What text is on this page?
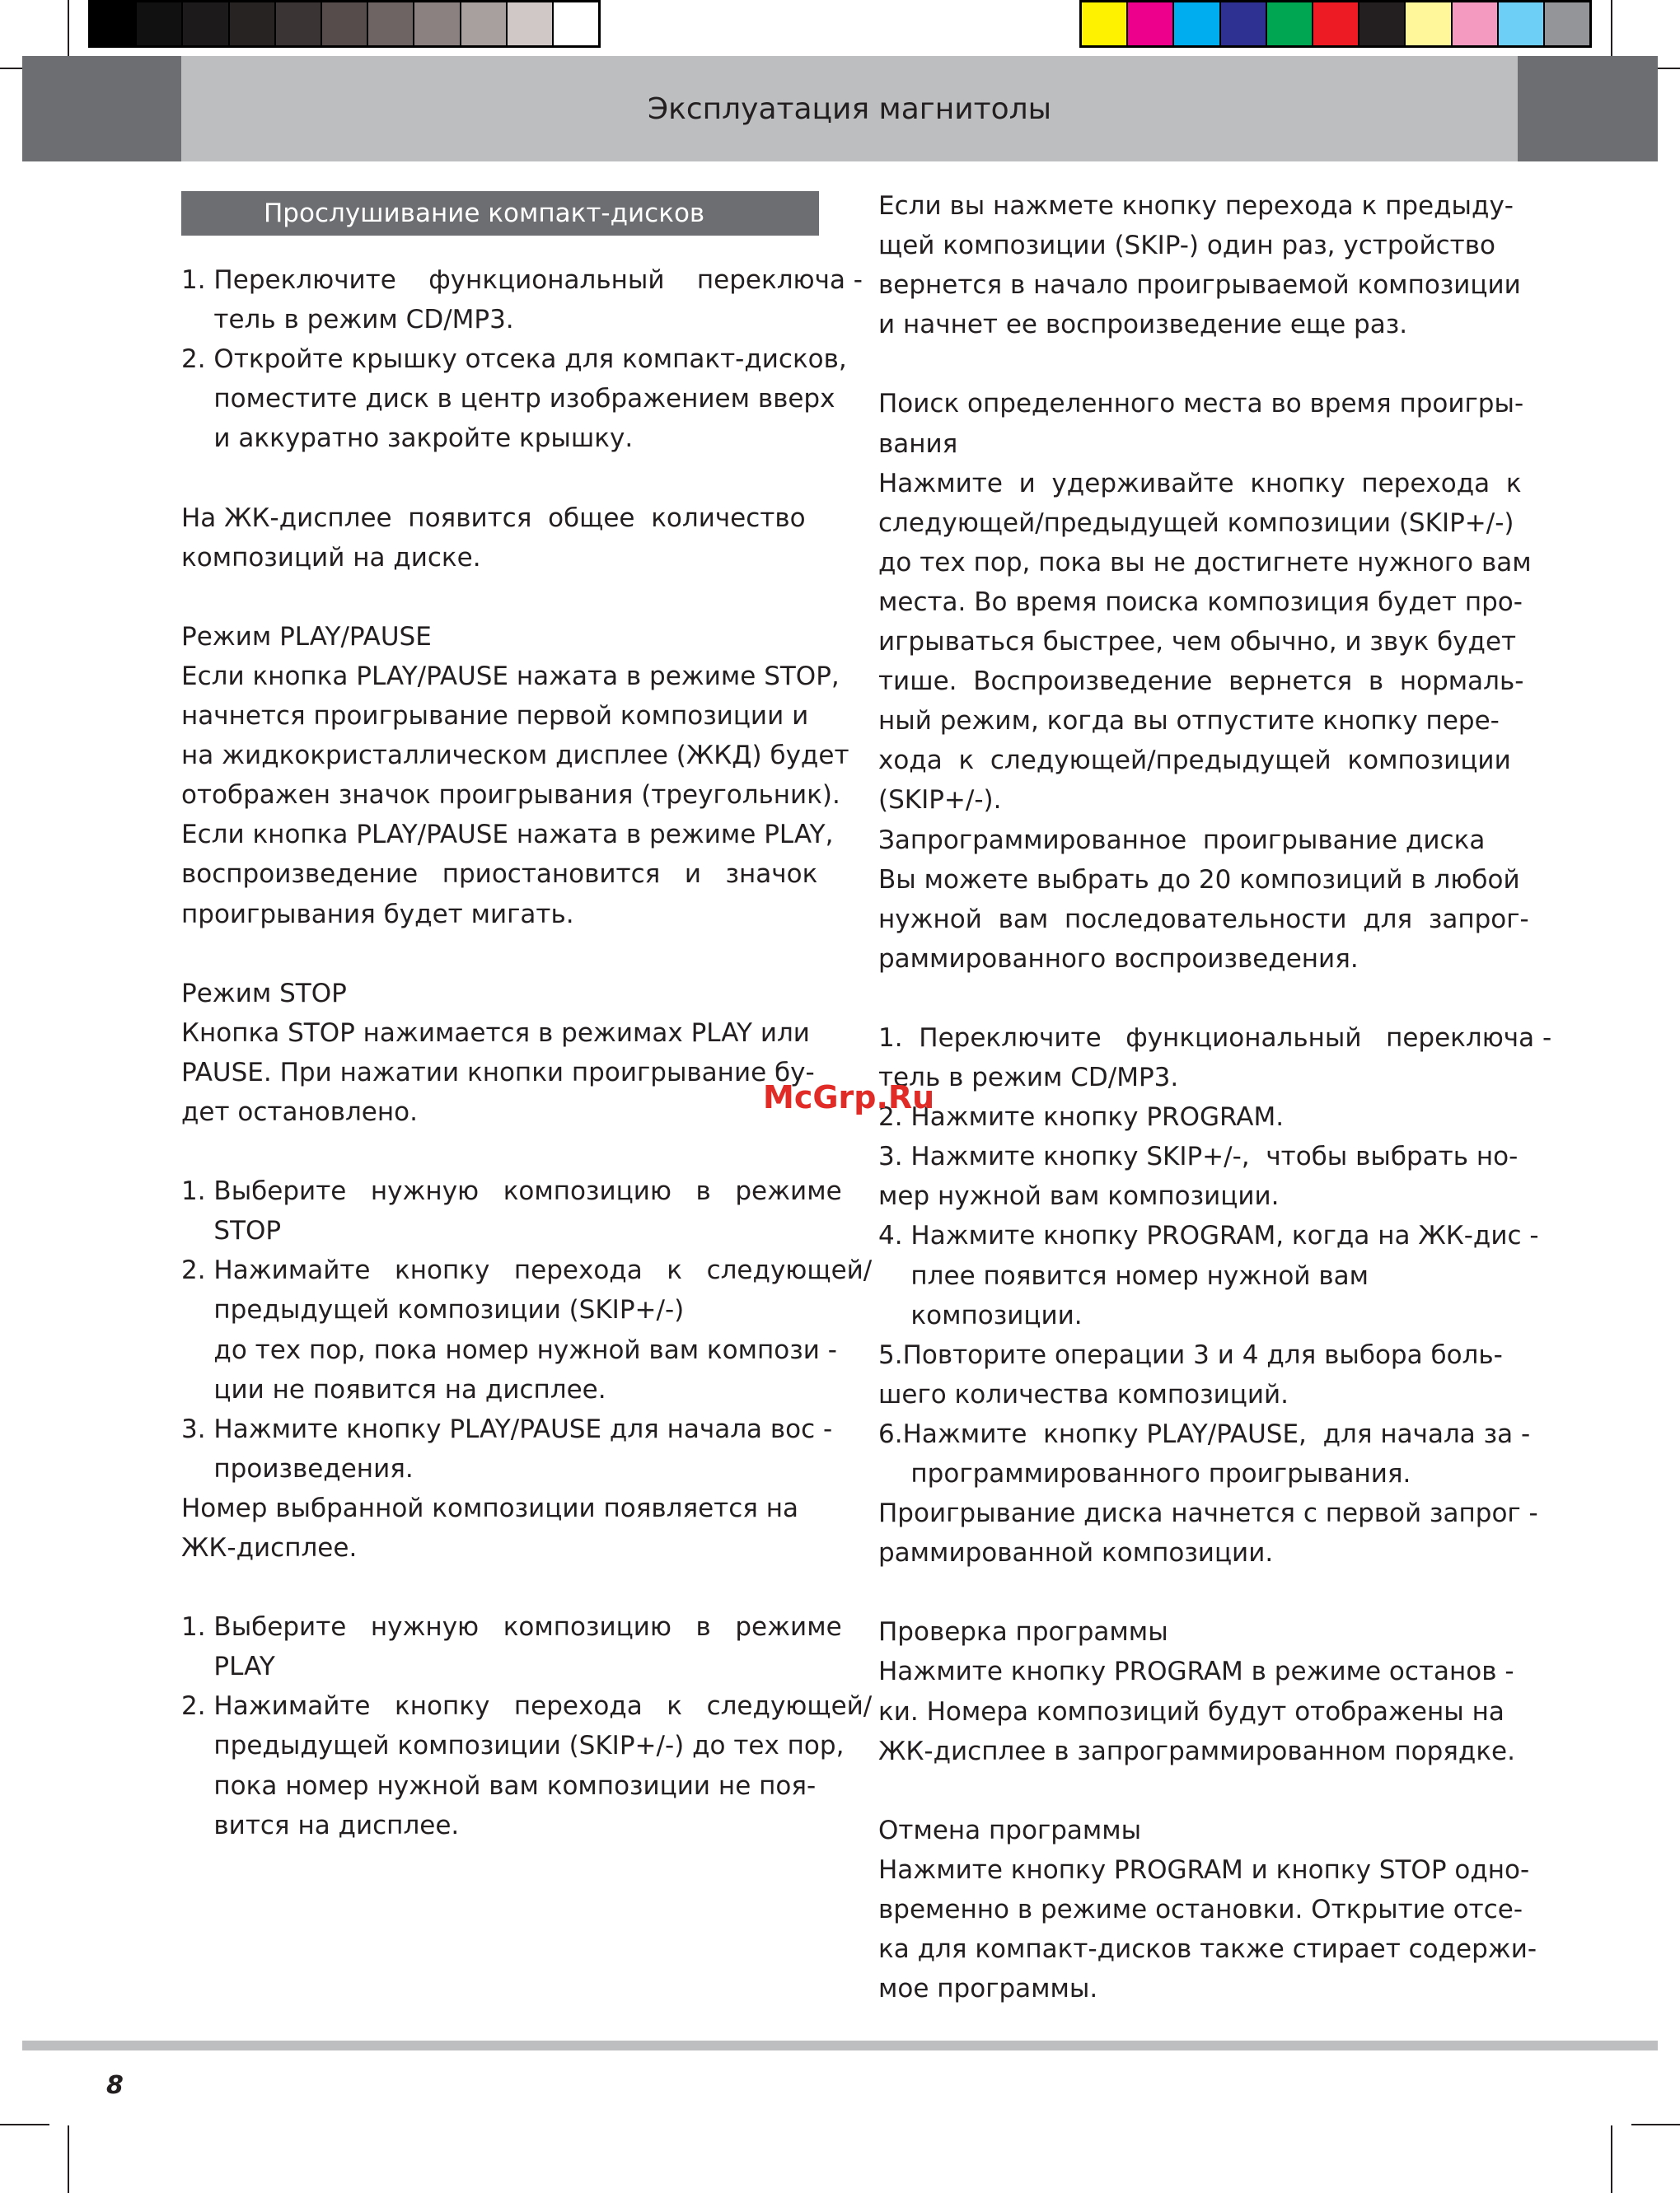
Эксплуатация магнитолы
Прослушивание компакт-дисков
1. Переключите    функциональный    переключа -
тель в режим CD/MP3.
2. Откройте крышку отсека для компакт-дисков,
поместите диск в центр изображением вверх
и аккуратно закройте крышку.
На ЖК-дисплее  появится  общее  количество
композиций на диске.
Режим PLAY/PAUSE
Если кнопка PLAY/PAUSE нажата в режиме STOP,
начнется проигрывание первой композиции и
на жидкокристаллическом дисплее (ЖКД) будет
отображен значок проигрывания (треугольник).
Если кнопка PLAY/PAUSE нажата в режиме PLAY,
воспроизведение   приостановится   и   значок
проигрывания будет мигать.
Режим STOP
Кнопка STOP нажимается в режимах PLAY или
PAUSE. При нажатии кнопки проигрывание бу-
дет остановлено.
1. Выберите   нужную   композицию   в   режиме
STOP
2. Нажимайте   кнопку   перехода   к   следующей/
предыдущей композиции (SKIP+/-)
до тех пор, пока номер нужной вам компози -
ции не появится на дисплее.
3. Нажмите кнопку PLAY/PAUSE для начала вос -
произведения.
Номер выбранной композиции появляется на
ЖК-дисплее.
1. Выберите   нужную   композицию   в   режиме
PLAY
2. Нажимайте   кнопку   перехода   к   следующей/
предыдущей композиции (SKIP+/-) до тех пор,
пока номер нужной вам композиции не поя-
вится на дисплее.
Если вы нажмете кнопку перехода к предыду-
щей композиции (SKIP-) один раз, устройство
вернется в начало проигрываемой композиции
и начнет ее воспроизведение еще раз.
Поиск определенного места во время проигры-
вания
Нажмите  и  удерживайте  кнопку  перехода  к
следующей/предыдущей композиции (SKIP+/-)
до тех пор, пока вы не достигнете нужного вам
места. Во время поиска композиция будет про-
игрываться быстрее, чем обычно, и звук будет
тише.  Воспроизведение  вернется  в  нормаль-
ный режим, когда вы отпустите кнопку пере-
хода  к  следующей/предыдущей  композиции
(SKIP+/-).
Запрограммированное  проигрывание диска
Вы можете выбрать до 20 композиций в любой
нужной  вам  последовательности  для  запрог-
раммированного воспроизведения.
1.  Переключите   функциональный   переключа -
тель в режим CD/MP3.
2. Нажмите кнопку PROGRAM.
3. Нажмите кнопку SKIP+/-,  чтобы выбрать но-
мер нужной вам композиции.
4. Нажмите кнопку PROGRAM, когда на ЖК-дис -
плее появится номер нужной вам
композиции.
5.Повторите операции 3 и 4 для выбора боль-
шего количества композиций.
6.Нажмите  кнопку PLAY/PAUSE,  для начала за -
программированного проигрывания.
Проигрывание диска начнется с первой запрог -
раммированной композиции.
Проверка программы
Нажмите кнопку PROGRAM в режиме останов -
ки. Номера композиций будут отображены на
ЖК-дисплее в запрограммированном порядке.
Отмена программы
Нажмите кнопку PROGRAM и кнопку STOP одно-
временно в режиме остановки. Открытие отсе-
ка для компакт-дисков также стирает содержи-
мое программы.
McGrp.Ru
8
